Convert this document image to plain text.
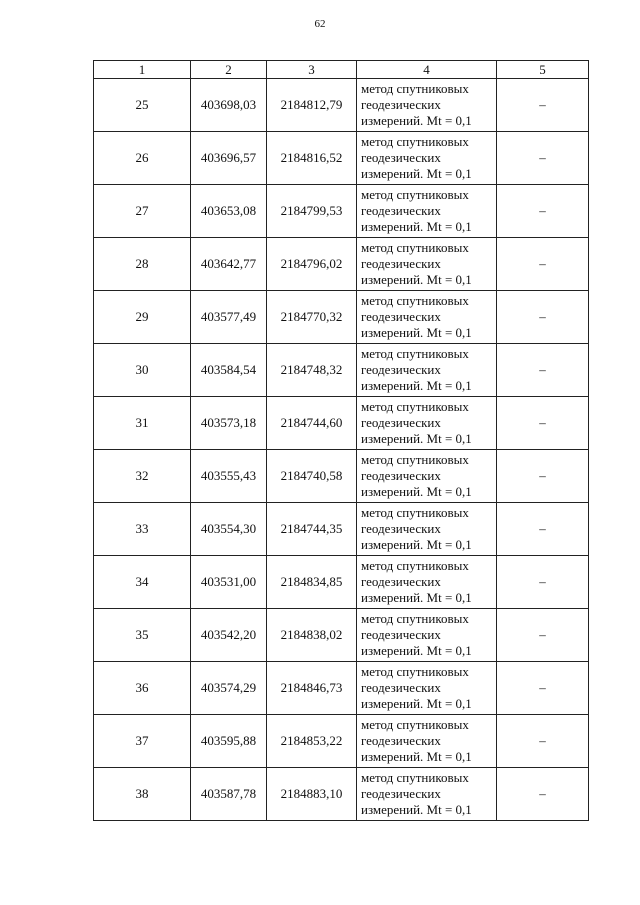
62
1	2	3	4	5
25	403698,03	2184812,79	метод спутниковых
геодезических
измерений. Mt = 0,1	–
26	403696,57	2184816,52	метод спутниковых
геодезических
измерений. Mt = 0,1	–
27	403653,08	2184799,53	метод спутниковых
геодезических
измерений. Mt = 0,1	–
28	403642,77	2184796,02	метод спутниковых
геодезических
измерений. Mt = 0,1	–
29	403577,49	2184770,32	метод спутниковых
геодезических
измерений. Mt = 0,1	–
30	403584,54	2184748,32	метод спутниковых
геодезических
измерений. Mt = 0,1	–
31	403573,18	2184744,60	метод спутниковых
геодезических
измерений. Mt = 0,1	–
32	403555,43	2184740,58	метод спутниковых
геодезических
измерений. Mt = 0,1	–
33	403554,30	2184744,35	метод спутниковых
геодезических
измерений. Mt = 0,1	–
34	403531,00	2184834,85	метод спутниковых
геодезических
измерений. Mt = 0,1	–
35	403542,20	2184838,02	метод спутниковых
геодезических
измерений. Mt = 0,1	–
36	403574,29	2184846,73	метод спутниковых
геодезических
измерений. Mt = 0,1	–
37	403595,88	2184853,22	метод спутниковых
геодезических
измерений. Mt = 0,1	–
38	403587,78	2184883,10	метод спутниковых
геодезических
измерений. Mt = 0,1	–
